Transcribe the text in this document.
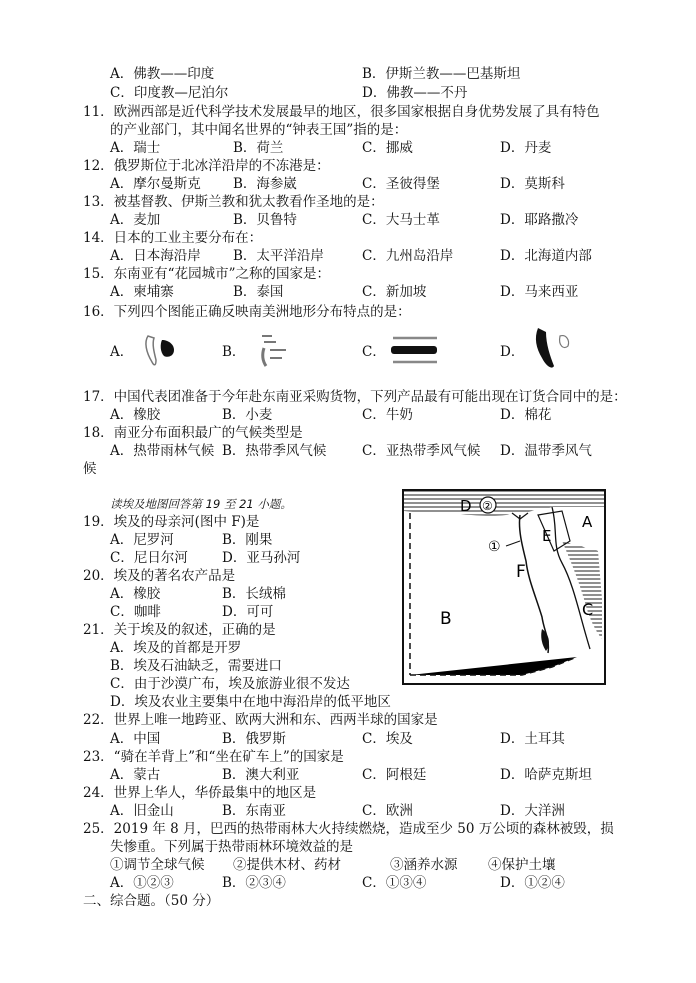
A．佛教——印度	B．伊斯兰教——巴基斯坦
C．印度教—尼泊尔	D．佛教——不丹
11．欧洲西部是近代科学技术发展最早的地区，很多国家根据自身优势发展了具有特色
的产业部门，其中闻名世界的“钟表王国”指的是：
A．瑞士	B．荷兰	C．挪威	D．丹麦
12．俄罗斯位于北冰洋沿岸的不冻港是：
A．摩尔曼斯克 B．海参崴	C．圣彼得堡	D．莫斯科
13．被基督教、伊斯兰教和犹太教看作圣地的是：
A．麦加	B．贝鲁特	C．大马士革	D．耶路撒冷
14．日本的工业主要分布在：
A．日本海沿岸 B．太平洋沿岸	C．九州岛沿岸	D．北海道内部
15．东南亚有“花园城市”之称的国家是：
A．柬埔寨	B．泰国	C．新加坡	D．马来西亚
16．下列四个图能正确反映南美洲地形分布特点的是：
A．	B．	C．	D．
17．中国代表团准备于今年赴东南亚采购货物，下列产品最有可能出现在订货合同中的是：
A．橡胶	B．小麦	C．牛奶	D．棉花
18．南亚分布面积最广的气候类型是
A．热带雨林气候 B．热带季风气候	C．亚热带季风气候 D．温带季风气
候
读埃及地图回答第 19 至 21 小题。	D ②
①
E
A
F
B	C
19．埃及的母亲河(图中 F)是
A．尼罗河	B．刚果
C．尼日尔河	D．亚马孙河
20．埃及的著名农产品是
A．橡胶	B．长绒棉
C．咖啡	D．可可
21．关于埃及的叙述，正确的是
A．埃及的首都是开罗
B．埃及石油缺乏，需要进口
C．由于沙漠广布，埃及旅游业很不发达
D．埃及农业主要集中在地中海沿岸的低平地区
22．世界上唯一地跨亚、欧两大洲和东、西两半球的国家是
A．中国	B．俄罗斯	C．埃及	D．土耳其
23．“骑在羊背上”和“坐在矿车上”的国家是
A．蒙古	B．澳大利亚	C．阿根廷	D．哈萨克斯坦
24．世界上华人，华侨最集中的地区是
A．旧金山	B．东南亚	C．欧洲	D．大洋洲
25．2019 年 8 月，巴西的热带雨林大火持续燃烧，造成至少 50 万公顷的森林被毁，损
失惨重。下列属于热带雨林环境效益的是
①调节全球气候 ②提供木材、药材	③涵养水源 ④保护土壤
A．①②③	B．②③④	C．①③④	D．①②④
二、综合题。（50 分）
